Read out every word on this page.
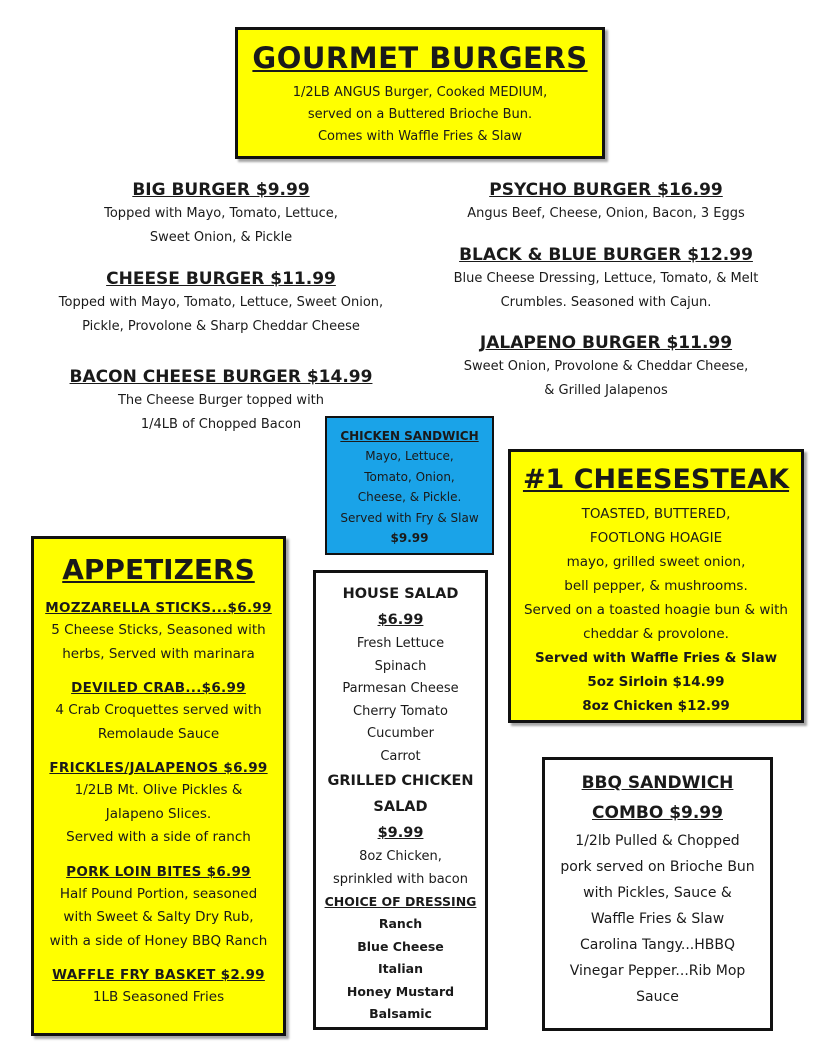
GOURMET BURGERS
1/2LB ANGUS Burger, Cooked MEDIUM,
served on a Buttered Brioche Bun.
Comes with Waffle Fries & Slaw
BIG BURGER $9.99
Topped with Mayo, Tomato, Lettuce,
Sweet Onion, & Pickle
CHEESE BURGER $11.99
Topped with Mayo, Tomato, Lettuce, Sweet Onion,
Pickle, Provolone & Sharp Cheddar Cheese
BACON CHEESE BURGER $14.99
The Cheese Burger topped with
1/4LB of Chopped Bacon
PSYCHO BURGER $16.99
Angus Beef, Cheese, Onion, Bacon, 3 Eggs
BLACK & BLUE BURGER $12.99
Blue Cheese Dressing, Lettuce, Tomato, & Melt
Crumbles. Seasoned with Cajun.
JALAPENO BURGER $11.99
Sweet Onion, Provolone & Cheddar Cheese,
& Grilled Jalapenos
CHICKEN SANDWICH
Mayo, Lettuce,
Tomato, Onion,
Cheese, & Pickle.
Served with Fry & Slaw
$9.99
#1 CHEESESTEAK
TOASTED, BUTTERED,
FOOTLONG HOAGIE
mayo, grilled sweet onion,
bell pepper, & mushrooms.
Served on a toasted hoagie bun & with
cheddar & provolone.
Served with Waffle Fries & Slaw
5oz Sirloin $14.99
8oz Chicken $12.99
APPETIZERS
MOZZARELLA STICKS...$6.99
5 Cheese Sticks, Seasoned with
herbs, Served with marinara
DEVILED CRAB...$6.99
4 Crab Croquettes served with
Remolaude Sauce
FRICKLES/JALAPENOS $6.99
1/2LB Mt. Olive Pickles &
Jalapeno Slices.
Served with a side of ranch
PORK LOIN BITES $6.99
Half Pound Portion, seasoned
with Sweet & Salty Dry Rub,
with a side of Honey BBQ Ranch
WAFFLE FRY BASKET $2.99
1LB Seasoned Fries
HOUSE SALAD
$6.99
Fresh Lettuce
Spinach
Parmesan Cheese
Cherry Tomato
Cucumber
Carrot
GRILLED CHICKEN
SALAD
$9.99
8oz Chicken,
sprinkled with bacon
CHOICE OF DRESSING
Ranch
Blue Cheese
Italian
Honey Mustard
Balsamic
BBQ SANDWICH
COMBO $9.99
1/2lb Pulled & Chopped
pork served on Brioche Bun
with Pickles, Sauce &
Waffle Fries & Slaw
Carolina Tangy...HBBQ
Vinegar Pepper...Rib Mop
Sauce
